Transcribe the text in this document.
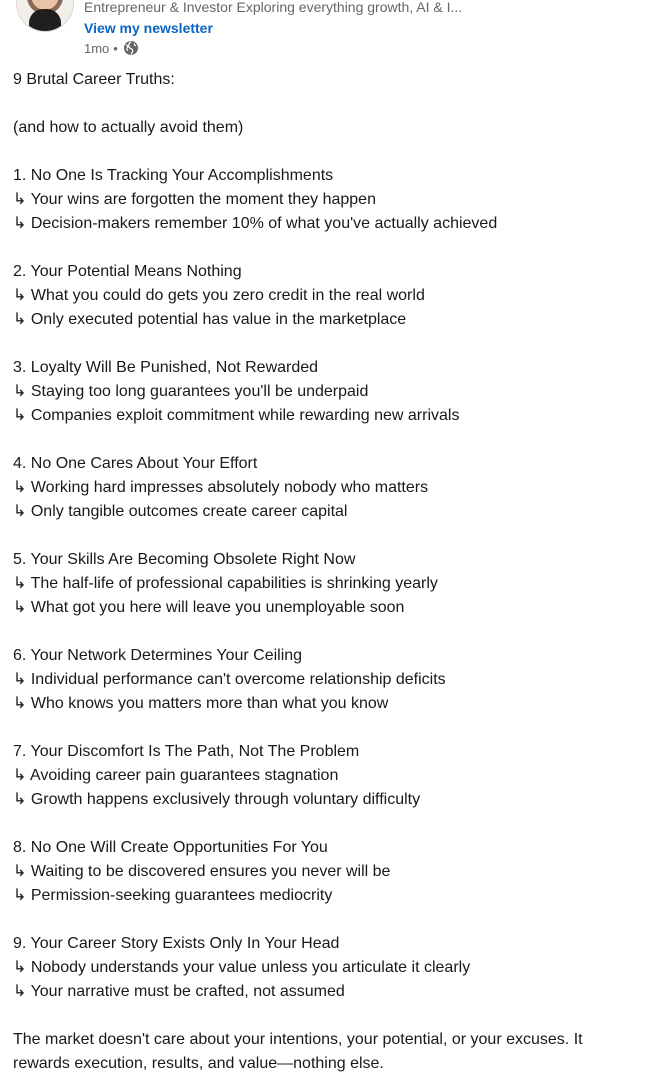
Entrepreneur & Investor Exploring everything growth, AI & I...
View my newsletter
1mo •
9 Brutal Career Truths:
(and how to actually avoid them)
1. No One Is Tracking Your Accomplishments
↳ Your wins are forgotten the moment they happen
↳ Decision-makers remember 10% of what you've actually achieved
2. Your Potential Means Nothing
↳ What you could do gets you zero credit in the real world
↳ Only executed potential has value in the marketplace
3. Loyalty Will Be Punished, Not Rewarded
↳ Staying too long guarantees you'll be underpaid
↳ Companies exploit commitment while rewarding new arrivals
4. No One Cares About Your Effort
↳ Working hard impresses absolutely nobody who matters
↳ Only tangible outcomes create career capital
5. Your Skills Are Becoming Obsolete Right Now
↳ The half-life of professional capabilities is shrinking yearly
↳ What got you here will leave you unemployable soon
6. Your Network Determines Your Ceiling
↳ Individual performance can't overcome relationship deficits
↳ Who knows you matters more than what you know
7. Your Discomfort Is The Path, Not The Problem
↳ Avoiding career pain guarantees stagnation
↳ Growth happens exclusively through voluntary difficulty
8. No One Will Create Opportunities For You
↳ Waiting to be discovered ensures you never will be
↳ Permission-seeking guarantees mediocrity
9. Your Career Story Exists Only In Your Head
↳ Nobody understands your value unless you articulate it clearly
↳ Your narrative must be crafted, not assumed

The market doesn't care about your intentions, your potential, or your excuses. It rewards execution, results, and value—nothing else.
